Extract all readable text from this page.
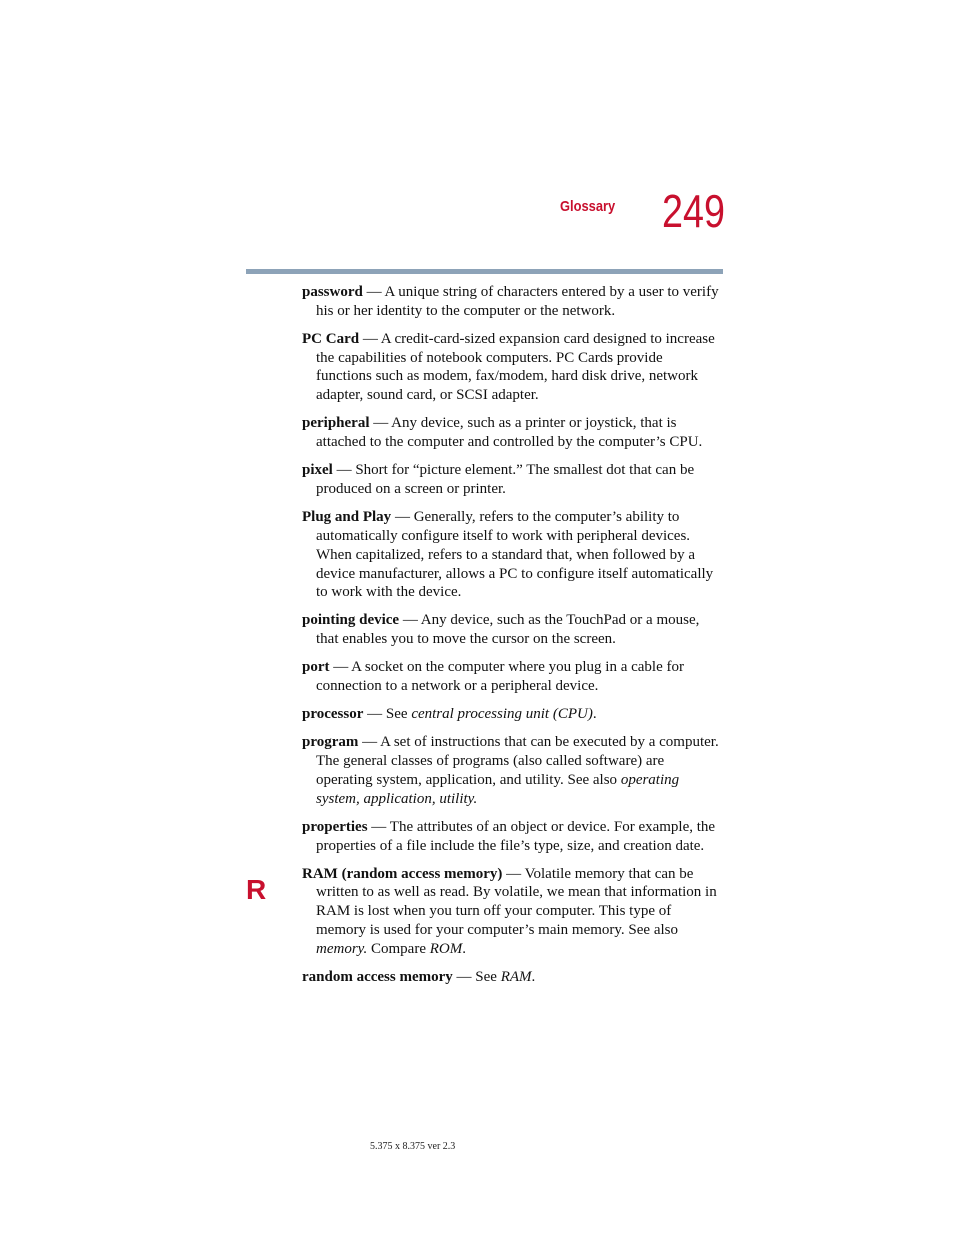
Glossary 249
R

password — A unique string of characters entered by a user to verify his or her identity to the computer or the network.

PC Card — A credit-card-sized expansion card designed to increase the capabilities of notebook computers. PC Cards provide functions such as modem, fax/modem, hard disk drive, network adapter, sound card, or SCSI adapter.

peripheral — Any device, such as a printer or joystick, that is attached to the computer and controlled by the computer’s CPU.

pixel — Short for “picture element.” The smallest dot that can be produced on a screen or printer.

Plug and Play — Generally, refers to the computer’s ability to automatically configure itself to work with peripheral devices. When capitalized, refers to a standard that, when followed by a device manufacturer, allows a PC to configure itself automatically to work with the device.

pointing device — Any device, such as the TouchPad or a mouse, that enables you to move the cursor on the screen.

port — A socket on the computer where you plug in a cable for connection to a network or a peripheral device.

processor — See central processing unit (CPU).

program — A set of instructions that can be executed by a computer. The general classes of programs (also called software) are operating system, application, and utility. See also operating system, application, utility.

properties — The attributes of an object or device. For example, the properties of a file include the file’s type, size, and creation date.

RAM (random access memory) — Volatile memory that can be written to as well as read. By volatile, we mean that information in RAM is lost when you turn off your computer. This type of memory is used for your computer’s main memory. See also memory. Compare ROM.

random access memory — See RAM.

5.375 x 8.375 ver 2.3
